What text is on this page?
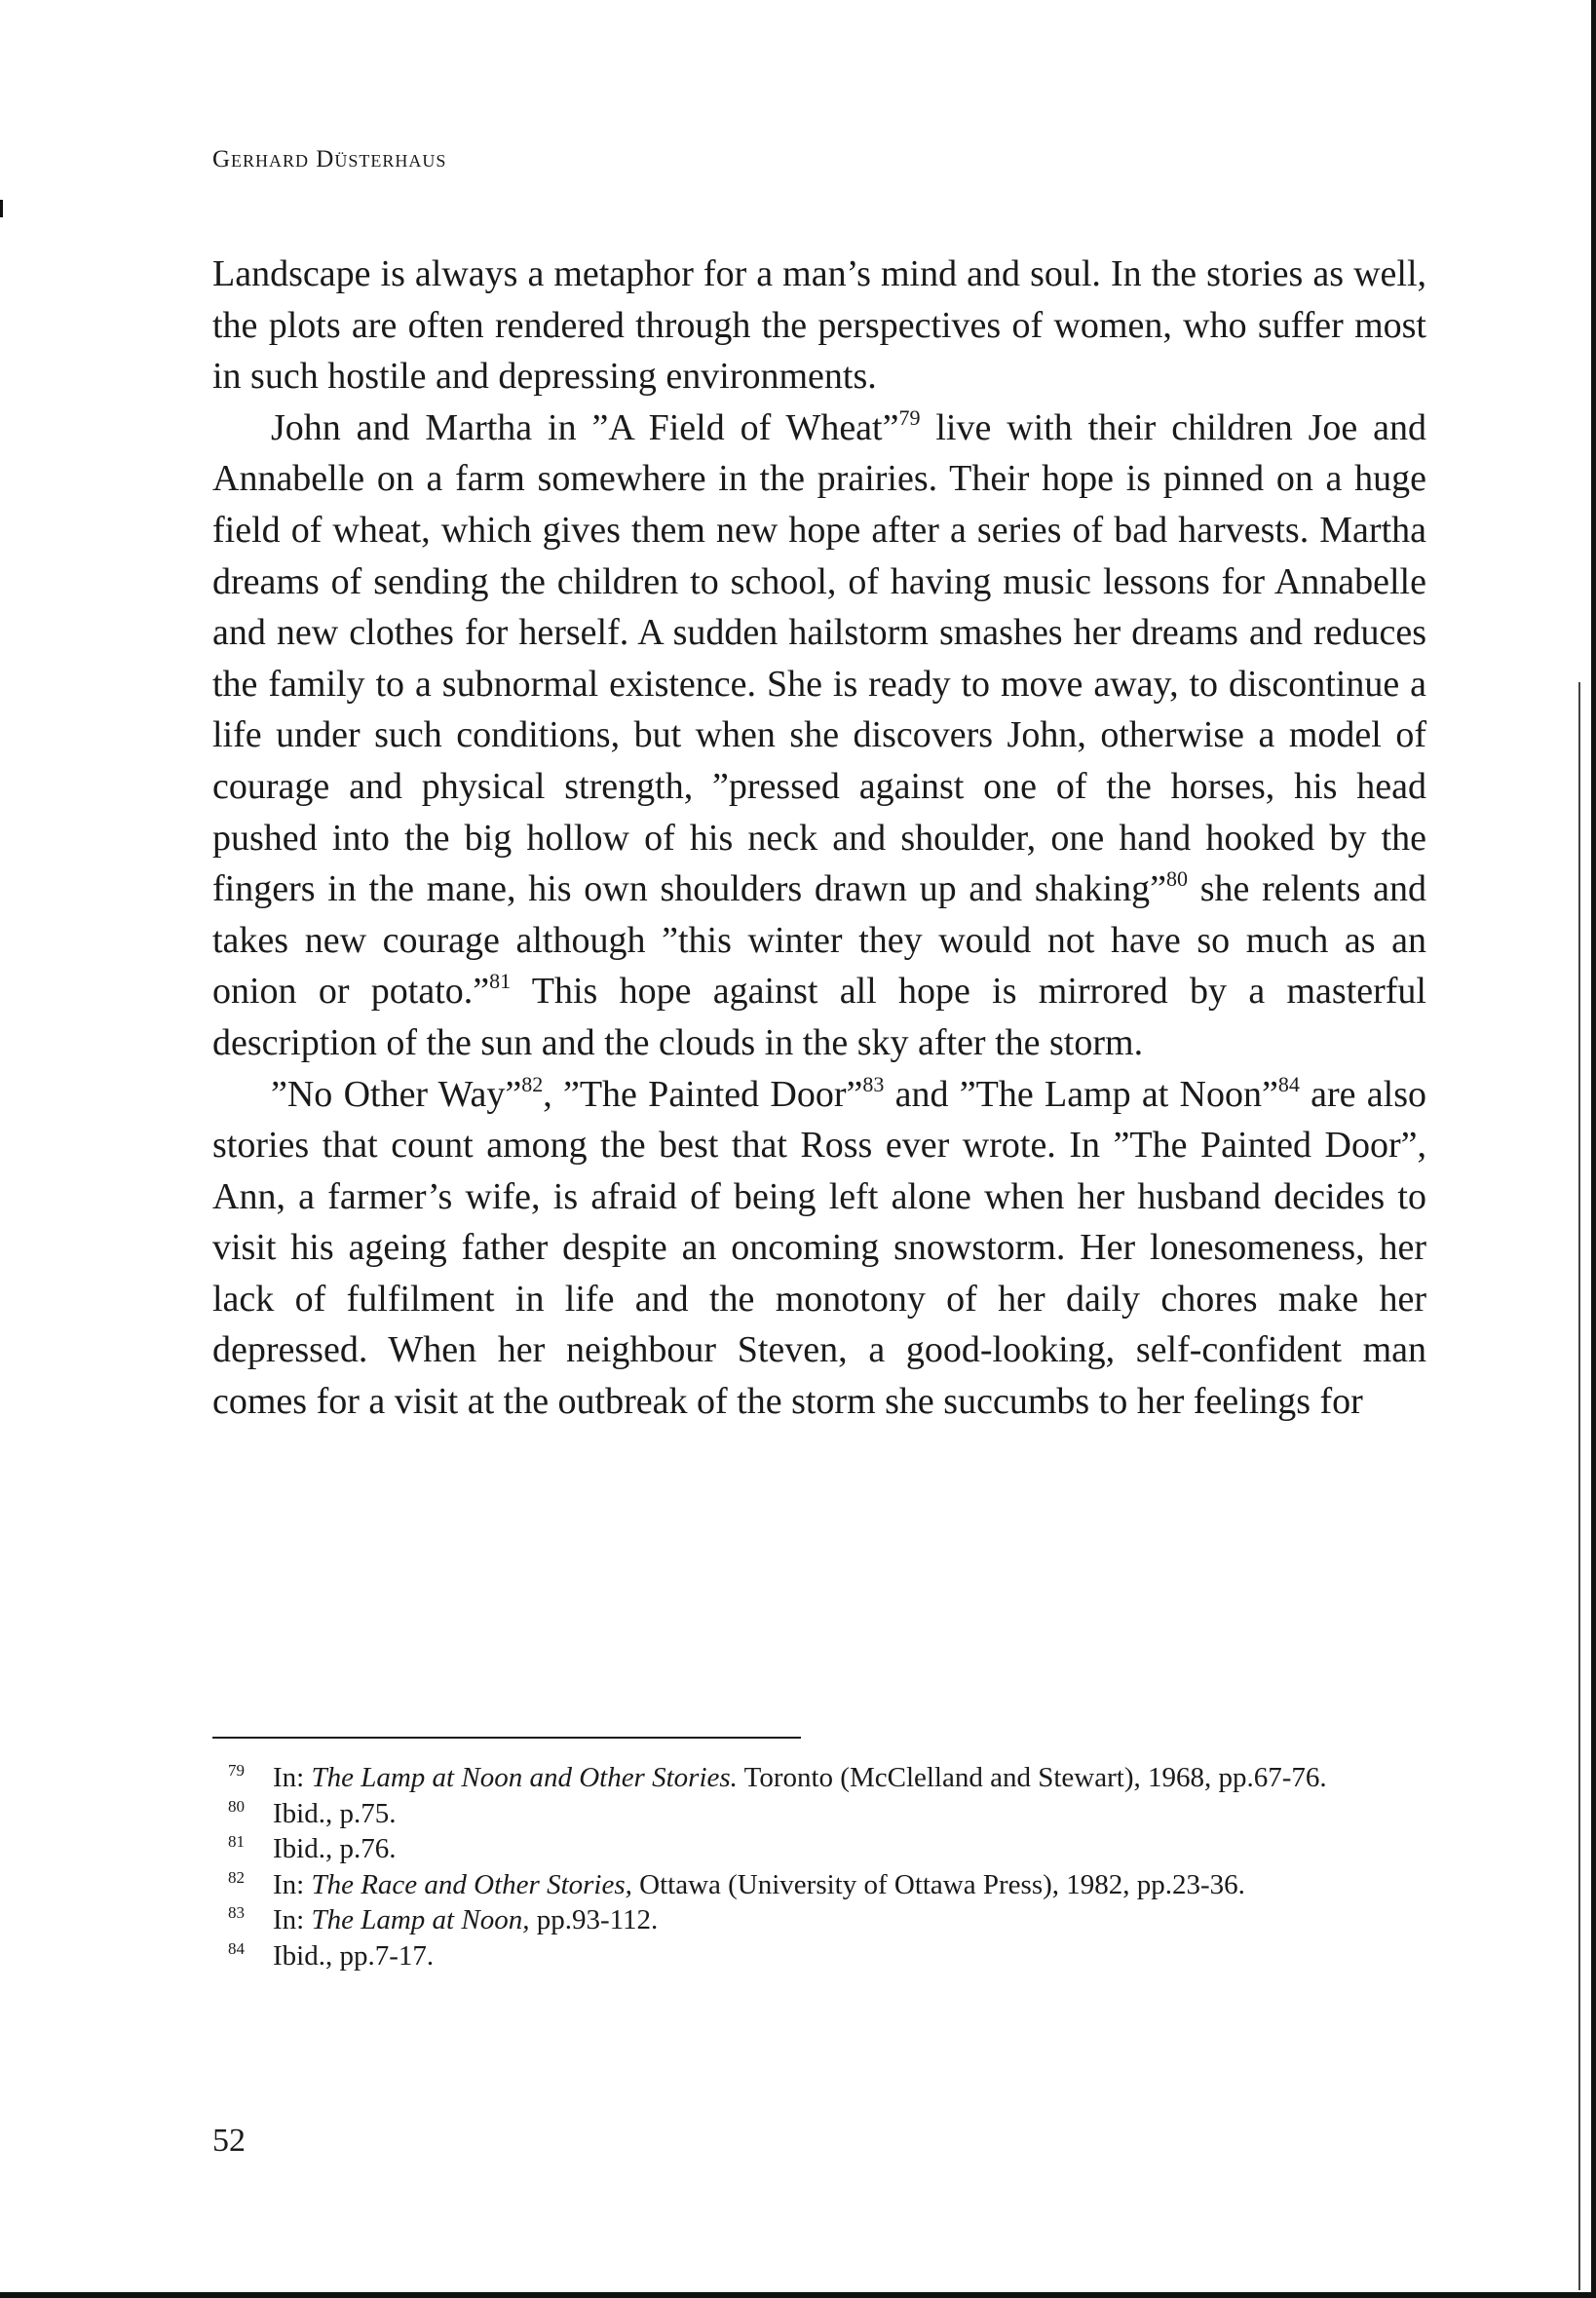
Gerhard Düsterhaus

Landscape is always a metaphor for a man’s mind and soul. In the stories as well, the plots are often rendered through the perspectives of women, who suffer most in such hostile and depressing environments.

John and Martha in ”A Field of Wheat”$^{79}$ live with their children Joe and Annabelle on a farm somewhere in the prairies. Their hope is pinned on a huge field of wheat, which gives them new hope after a series of bad harvests. Martha dreams of sending the children to school, of having music lessons for Annabelle and new clothes for herself. A sudden hailstorm smashes her dreams and reduces the family to a subnormal existence. She is ready to move away, to discontinue a life under such conditions, but when she discovers John, otherwise a model of courage and physical strength, ”pressed against one of the horses, his head pushed into the big hollow of his neck and shoulder, one hand hooked by the fingers in the mane, his own shoulders drawn up and shaking”$^{80}$ she relents and takes new courage although ”this winter they would not have so much as an onion or potato.”$^{81}$ This hope against all hope is mirrored by a masterful description of the sun and the clouds in the sky after the storm.

”No Other Way”$^{82}$, ”The Painted Door”$^{83}$ and ”The Lamp at Noon”$^{84}$ are also stories that count among the best that Ross ever wrote. In ”The Painted Door”, Ann, a farmer’s wife, is afraid of being left alone when her husband decides to visit his ageing father despite an oncoming snowstorm. Her lonesomeness, her lack of fulfilment in life and the monotony of her daily chores make her depressed. When her neighbour Steven, a good-looking, self-confident man comes for a visit at the outbreak of the storm she succumbs to her feelings for

79 In: The Lamp at Noon and Other Stories. Toronto (McClelland and Stewart), 1968, pp.67-76.

80 Ibid., p.75.

81 Ibid., p.76.

82 In: The Race and Other Stories, Ottawa (University of Ottawa Press), 1982, pp.23-36.

83 In: The Lamp at Noon, pp.93-112.

84 Ibid., pp.7-17.

52
